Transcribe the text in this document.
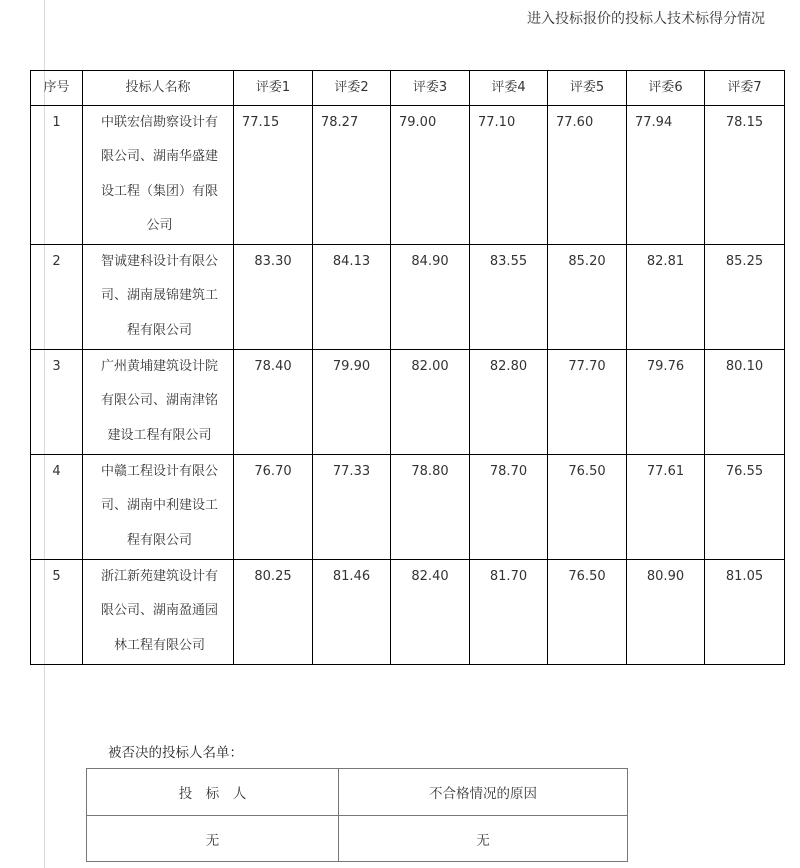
进入投标报价的投标人技术标得分情况
序号	投标人名称	评委1	评委2	评委3	评委4	评委5	评委6	评委7
1	中联宏信勘察设计有限公司、湖南华盛建设工程（集团）有限公司	77.15	78.27	79.00	77.10	77.60	77.94	78.15
2	智诚建科设计有限公司、湖南晟锦建筑工程有限公司	83.30	84.13	84.90	83.55	85.20	82.81	85.25
3	广州黄埔建筑设计院有限公司、湖南津铭建设工程有限公司	78.40	79.90	82.00	82.80	77.70	79.76	80.10
4	中赣工程设计有限公司、湖南中利建设工程有限公司	76.70	77.33	78.80	78.70	76.50	77.61	76.55
5	浙江新苑建筑设计有限公司、湖南盈通园林工程有限公司	80.25	81.46	82.40	81.70	76.50	80.90	81.05
被否决的投标人名单：
投　标　人	不合格情况的原因
无	无
